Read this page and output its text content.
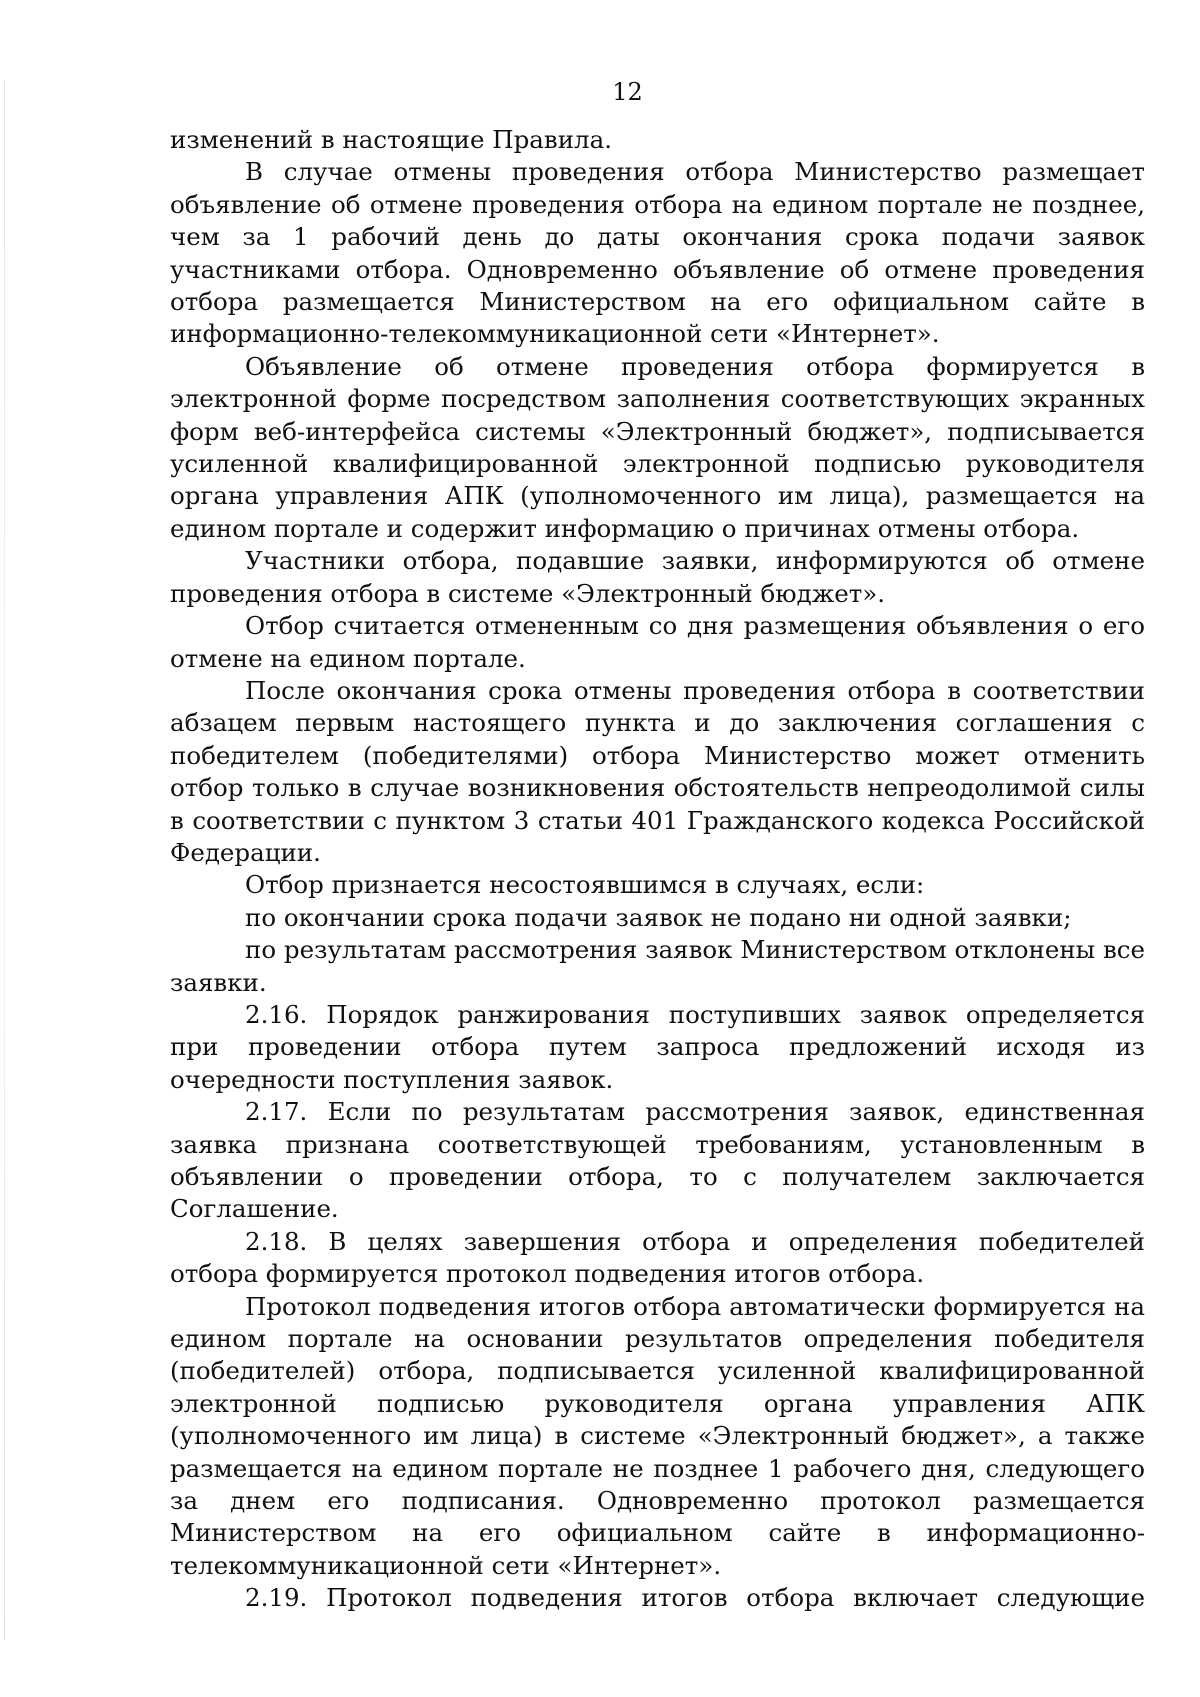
12

изменений в настоящие Правила.

В случае отмены проведения отбора Министерство размещает объявление об отмене проведения отбора на едином портале не позднее, чем за 1 рабочий день до даты окончания срока подачи заявок участниками отбора. Одновременно объявление об отмене проведения отбора размещается Министерством на его официальном сайте в информационно-телекоммуникационной сети «Интернет».

Объявление об отмене проведения отбора формируется в электронной форме посредством заполнения соответствующих экранных форм веб-интерфейса системы «Электронный бюджет», подписывается усиленной квалифицированной электронной подписью руководителя органа управления АПК (уполномоченного им лица), размещается на едином портале и содержит информацию о причинах отмены отбора.

Участники отбора, подавшие заявки, информируются об отмене проведения отбора в системе «Электронный бюджет».

Отбор считается отмененным со дня размещения объявления о его отмене на едином портале.

После окончания срока отмены проведения отбора в соответствии абзацем первым настоящего пункта и до заключения соглашения с победителем (победителями) отбора Министерство может отменить отбор только в случае возникновения обстоятельств непреодолимой силы в соответствии с пунктом 3 статьи 401 Гражданского кодекса Российской Федерации.

Отбор признается несостоявшимся в случаях, если:

по окончании срока подачи заявок не подано ни одной заявки;

по результатам рассмотрения заявок Министерством отклонены все заявки.

2.16. Порядок ранжирования поступивших заявок определяется при проведении отбора путем запроса предложений исходя из очередности поступления заявок.

2.17. Если по результатам рассмотрения заявок, единственная заявка признана соответствующей требованиям, установленным в объявлении о проведении отбора, то с получателем заключается Соглашение.

2.18. В целях завершения отбора и определения победителей отбора формируется протокол подведения итогов отбора.

Протокол подведения итогов отбора автоматически формируется на едином портале на основании результатов определения победителя (победителей) отбора, подписывается усиленной квалифицированной электронной подписью руководителя органа управления АПК (уполномоченного им лица) в системе «Электронный бюджет», а также размещается на едином портале не позднее 1 рабочего дня, следующего за днем его подписания. Одновременно протокол размещается Министерством на его официальном сайте в информационно-телекоммуникационной сети «Интернет».

2.19. Протокол подведения итогов отбора включает следующие
